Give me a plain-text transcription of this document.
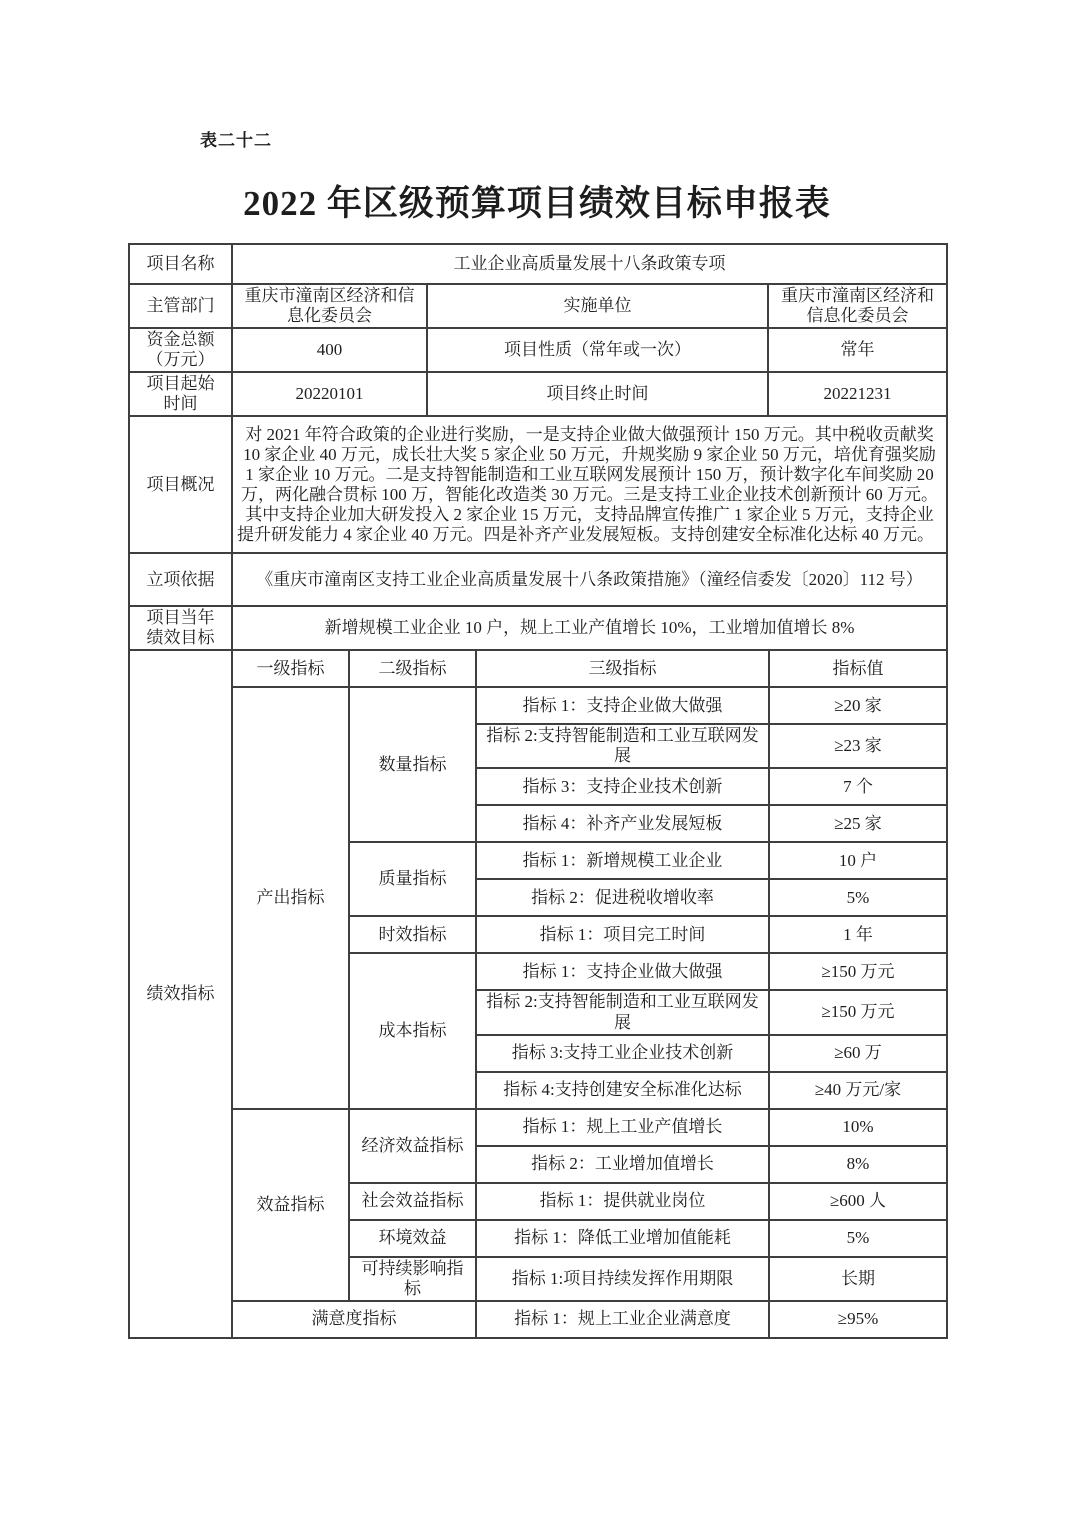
表二十二
2022 年区级预算项目绩效目标申报表
项目名称	工业企业高质量发展十八条政策专项		
主管部门	重庆市潼南区经济和信息化委员会	实施单位	重庆市潼南区经济和信息化委员会

资金总额
（万元）	400	项目性质（常年或一次）	常年

项目起始
时间	20220101	项目终止时间	20221231
项目概况	对 2021 年符合政策的企业进行奖励，一是支持企业做大做强预计 150 万元。其中税收贡献奖 10 家企业 40 万元，成长壮大奖 5 家企业 50 万元，升规奖励 9 家企业 50 万元，培优育强奖励 1 家企业 10 万元。二是支持智能制造和工业互联网发展预计 150 万，预计数字化车间奖励 20 万，两化融合贯标 100 万，智能化改造类 30 万元。三是支持工业企业技术创新预计 60 万元。其中支持企业加大研发投入 2 家企业 15 万元，支持品牌宣传推广 1 家企业 5 万元，支持企业提升研发能力 4 家企业 40 万元。四是补齐产业发展短板。支持创建安全标准化达标 40 万元。		
立项依据	《重庆市潼南区支持工业企业高质量发展十八条政策措施》（潼经信委发〔2020〕112 号）		

项目当年
绩效目标	新增规模工业企业 10 户，规上工业产值增长 10%，工业增加值增长 8%		
绩效指标	一级指标	二级指标	三级指标	指标值
	产出指标	数量指标	指标 1：支持企业做大做强	≥20 家
			指标 2:支持智能制造和工业互联网发展	≥23 家
			指标 3：支持企业技术创新	7 个
			指标 4：补齐产业发展短板	≥25 家
		质量指标	指标 1：新增规模工业企业	10 户
			指标 2：促进税收增收率	5%
		时效指标	指标 1：项目完工时间	1 年
		成本指标	指标 1：支持企业做大做强	≥150 万元
			指标 2:支持智能制造和工业互联网发展	≥150 万元
			指标 3:支持工业企业技术创新	≥60 万
			指标 4:支持创建安全标准化达标	≥40 万元/家
	效益指标	经济效益指标	指标 1：规上工业产值增长	10%
			指标 2：工业增加值增长	8%
		社会效益指标	指标 1：提供就业岗位	≥600 人
		环境效益	指标 1：降低工业增加值能耗	5%
		可持续影响指标	指标 1:项目持续发挥作用期限	长期
	满意度指标		指标 1：规上工业企业满意度	≥95%
